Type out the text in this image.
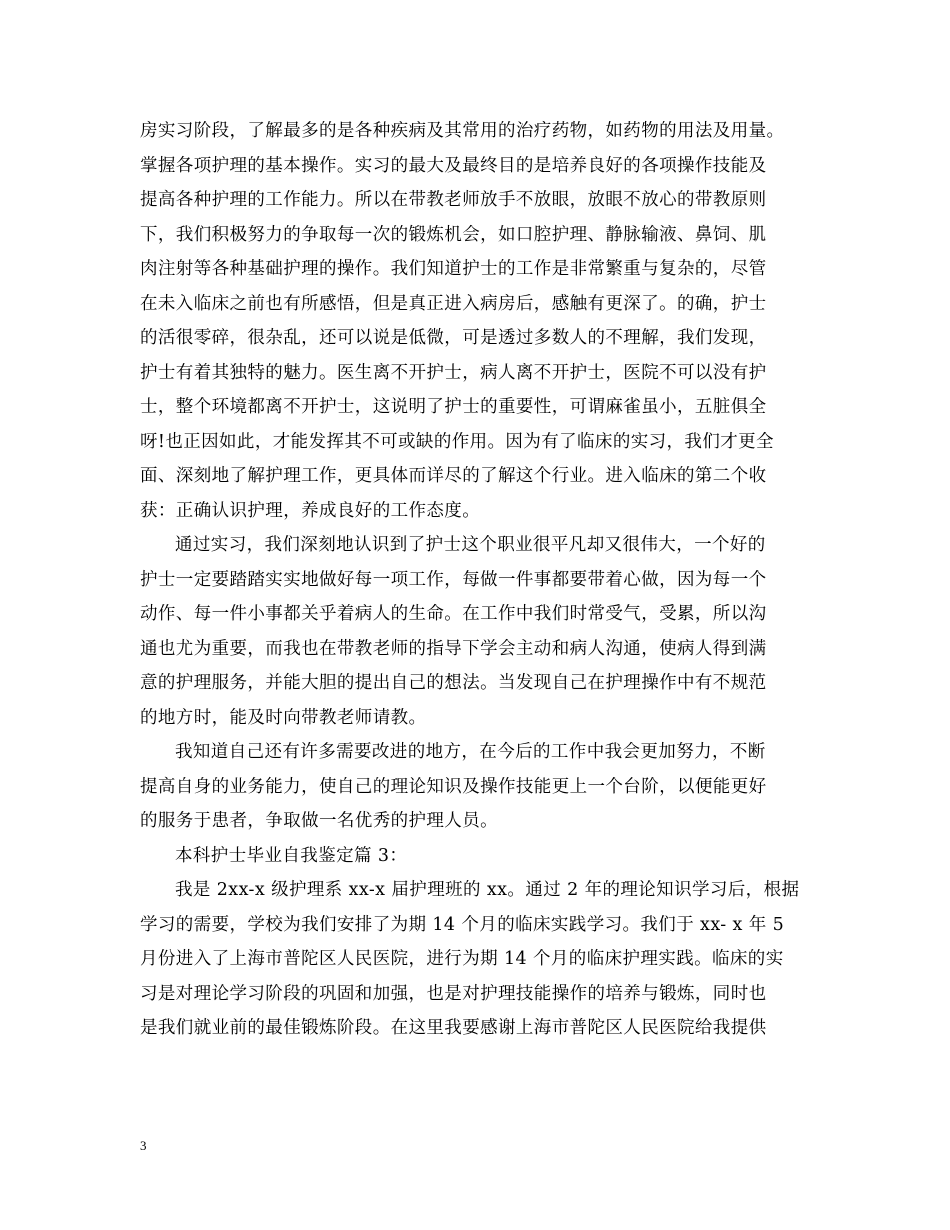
房实习阶段，了解最多的是各种疾病及其常用的治疗药物，如药物的用法及用量。
掌握各项护理的基本操作。实习的最大及最终目的是培养良好的各项操作技能及
提高各种护理的工作能力。所以在带教老师放手不放眼，放眼不放心的带教原则
下，我们积极努力的争取每一次的锻炼机会，如口腔护理、静脉输液、鼻饲、肌
肉注射等各种基础护理的操作。我们知道护士的工作是非常繁重与复杂的，尽管
在未入临床之前也有所感悟，但是真正进入病房后，感触有更深了。的确，护士
的活很零碎，很杂乱，还可以说是低微，可是透过多数人的不理解，我们发现，
护士有着其独特的魅力。医生离不开护士，病人离不开护士，医院不可以没有护
士，整个环境都离不开护士，这说明了护士的重要性，可谓麻雀虽小，五脏俱全
呀!也正因如此，才能发挥其不可或缺的作用。因为有了临床的实习，我们才更全
面、深刻地了解护理工作，更具体而详尽的了解这个行业。进入临床的第二个收
获：正确认识护理，养成良好的工作态度。
通过实习，我们深刻地认识到了护士这个职业很平凡却又很伟大，一个好的
护士一定要踏踏实实地做好每一项工作，每做一件事都要带着心做，因为每一个
动作、每一件小事都关乎着病人的生命。在工作中我们时常受气，受累，所以沟
通也尤为重要，而我也在带教老师的指导下学会主动和病人沟通，使病人得到满
意的护理服务，并能大胆的提出自己的想法。当发现自己在护理操作中有不规范
的地方时，能及时向带教老师请教。
我知道自己还有许多需要改进的地方，在今后的工作中我会更加努力，不断
提高自身的业务能力，使自己的理论知识及操作技能更上一个台阶，以便能更好
的服务于患者，争取做一名优秀的护理人员。
本科护士毕业自我鉴定篇 3：
我是 2xx-x 级护理系 xx-x 届护理班的 xx。通过 2 年的理论知识学习后，根据
学习的需要，学校为我们安排了为期 14 个月的临床实践学习。我们于 xx- x 年 5
月份进入了上海市普陀区人民医院，进行为期 14 个月的临床护理实践。临床的实
习是对理论学习阶段的巩固和加强，也是对护理技能操作的培养与锻炼，同时也
是我们就业前的最佳锻炼阶段。在这里我要感谢上海市普陀区人民医院给我提供
3
